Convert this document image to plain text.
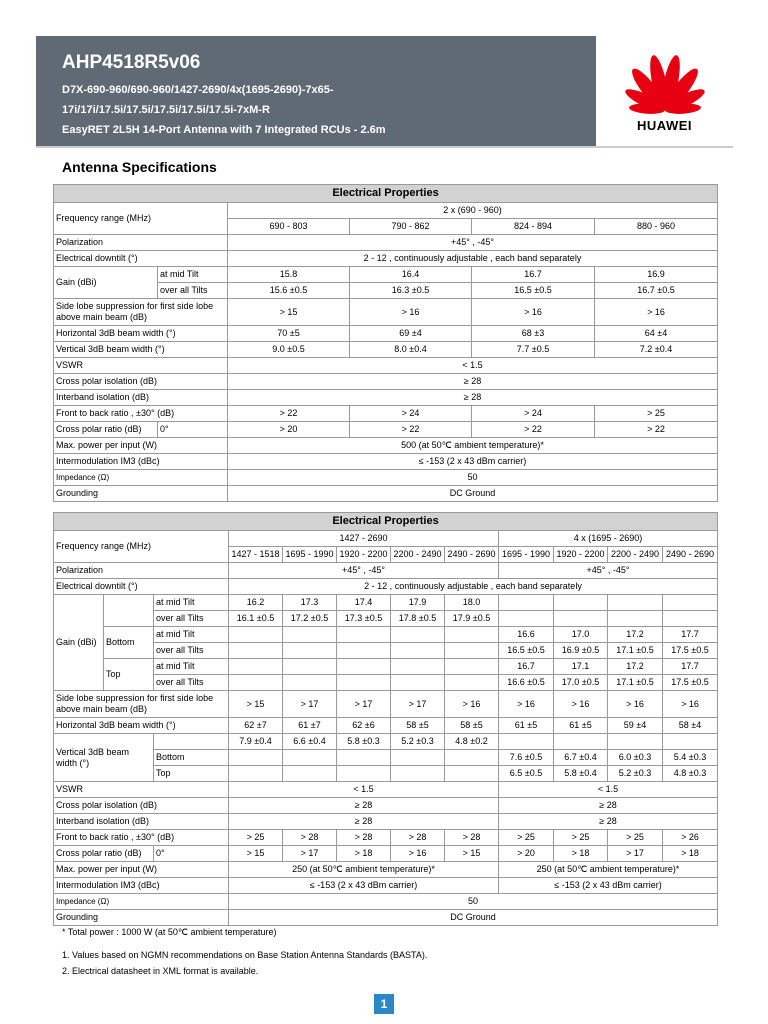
AHP4518R5v06
D7X-690-960/690-960/1427-2690/4x(1695-2690)-7x65-
17i/17i/17.5i/17.5i/17.5i/17.5i/17.5i-7xM-R
EasyRET 2L5H 14-Port Antenna with 7 Integrated RCUs - 2.6m	HUAWEI
Antenna Specifications
Electrical Properties					
Frequency range (MHz)		2 x (690 - 960)			
		690 - 803	790 - 862	824 - 894	880 - 960
Polarization		+45° , -45°			
Electrical downtilt (°)		2 - 12 , continuously adjustable , each band separately			
Gain (dBi)	at mid Tilt	15.8	16.4	16.7	16.9
	over all Tilts	15.6 ±0.5	16.3 ±0.5	16.5 ±0.5	16.7 ±0.5
Side lobe suppression for first side lobe above main beam (dB)		> 15	> 16	> 16	> 16
Horizontal 3dB beam width (°)		70 ±5	69 ±4	68 ±3	64 ±4
Vertical 3dB beam width (°)		9.0 ±0.5	8.0 ±0.4	7.7 ±0.5	7.2 ±0.4
VSWR		< 1.5			
Cross polar isolation (dB)		≥ 28			
Interband isolation (dB)		≥ 28			
Front to back ratio , ±30° (dB)		> 22	> 24	> 24	> 25
Cross polar ratio (dB)	0°	> 20	> 22	> 22	> 22
Max. power per input (W)		500 (at 50℃ ambient temperature)*			
Intermodulation IM3 (dBc)		≤ -153 (2 x 43 dBm carrier)			
Impedance (Ω)		50			
Grounding		DC Ground			
Electrical Properties											
Frequency range (MHz)			1427 - 2690					4 x (1695 - 2690)			
			1427 - 1518	1695 - 1990	1920 - 2200	2200 - 2490	2490 - 2690	1695 - 1990	1920 - 2200	2200 - 2490	2490 - 2690
Polarization			+45° , -45°					+45° , -45°			
Electrical downtilt (°)			2 - 12 , continuously adjustable , each band separately								
Gain (dBi)		at mid Tilt	16.2	17.3	17.4	17.9	18.0				
		over all Tilts	16.1 ±0.5	17.2 ±0.5	17.3 ±0.5	17.8 ±0.5	17.9 ±0.5				
	Bottom	at mid Tilt						16.6	17.0	17.2	17.7
		over all Tilts						16.5 ±0.5	16.9 ±0.5	17.1 ±0.5	17.5 ±0.5
	Top	at mid Tilt						16.7	17.1	17.2	17.7
		over all Tilts						16.6 ±0.5	17.0 ±0.5	17.1 ±0.5	17.5 ±0.5
Side lobe suppression for first side lobe above main beam (dB)			> 15	> 17	> 17	> 17	> 16	> 16	> 16	> 16	> 16
Horizontal 3dB beam width (°)			62 ±7	61 ±7	62 ±6	58 ±5	58 ±5	61 ±5	61 ±5	59 ±4	58 ±4
Vertical 3dB beam width (°)			7.9 ±0.4	6.6 ±0.4	5.8 ±0.3	5.2 ±0.3	4.8 ±0.2				
		Bottom						7.6 ±0.5	6.7 ±0.4	6.0 ±0.3	5.4 ±0.3
		Top						6.5 ±0.5	5.8 ±0.4	5.2 ±0.3	4.8 ±0.3
VSWR			< 1.5					< 1.5			
Cross polar isolation (dB)			≥ 28					≥ 28			
Interband isolation (dB)			≥ 28					≥ 28			
Front to back ratio , ±30° (dB)			> 25	> 28	> 28	> 28	> 28	> 25	> 25	> 25	> 26
Cross polar ratio (dB)		0°	> 15	> 17	> 18	> 16	> 15	> 20	> 18	> 17	> 18
Max. power per input (W)			250 (at 50℃ ambient temperature)*					250 (at 50℃ ambient temperature)*			
Intermodulation IM3 (dBc)			≤ -153 (2 x 43 dBm carrier)					≤ -153 (2 x 43 dBm carrier)			
Impedance (Ω)			50								
Grounding			DC Ground								
* Total power : 1000 W (at 50℃ ambient temperature)
1. Values based on NGMN recommendations on Base Station Antenna Standards (BASTA).
2. Electrical datasheet in XML format is available.
1
